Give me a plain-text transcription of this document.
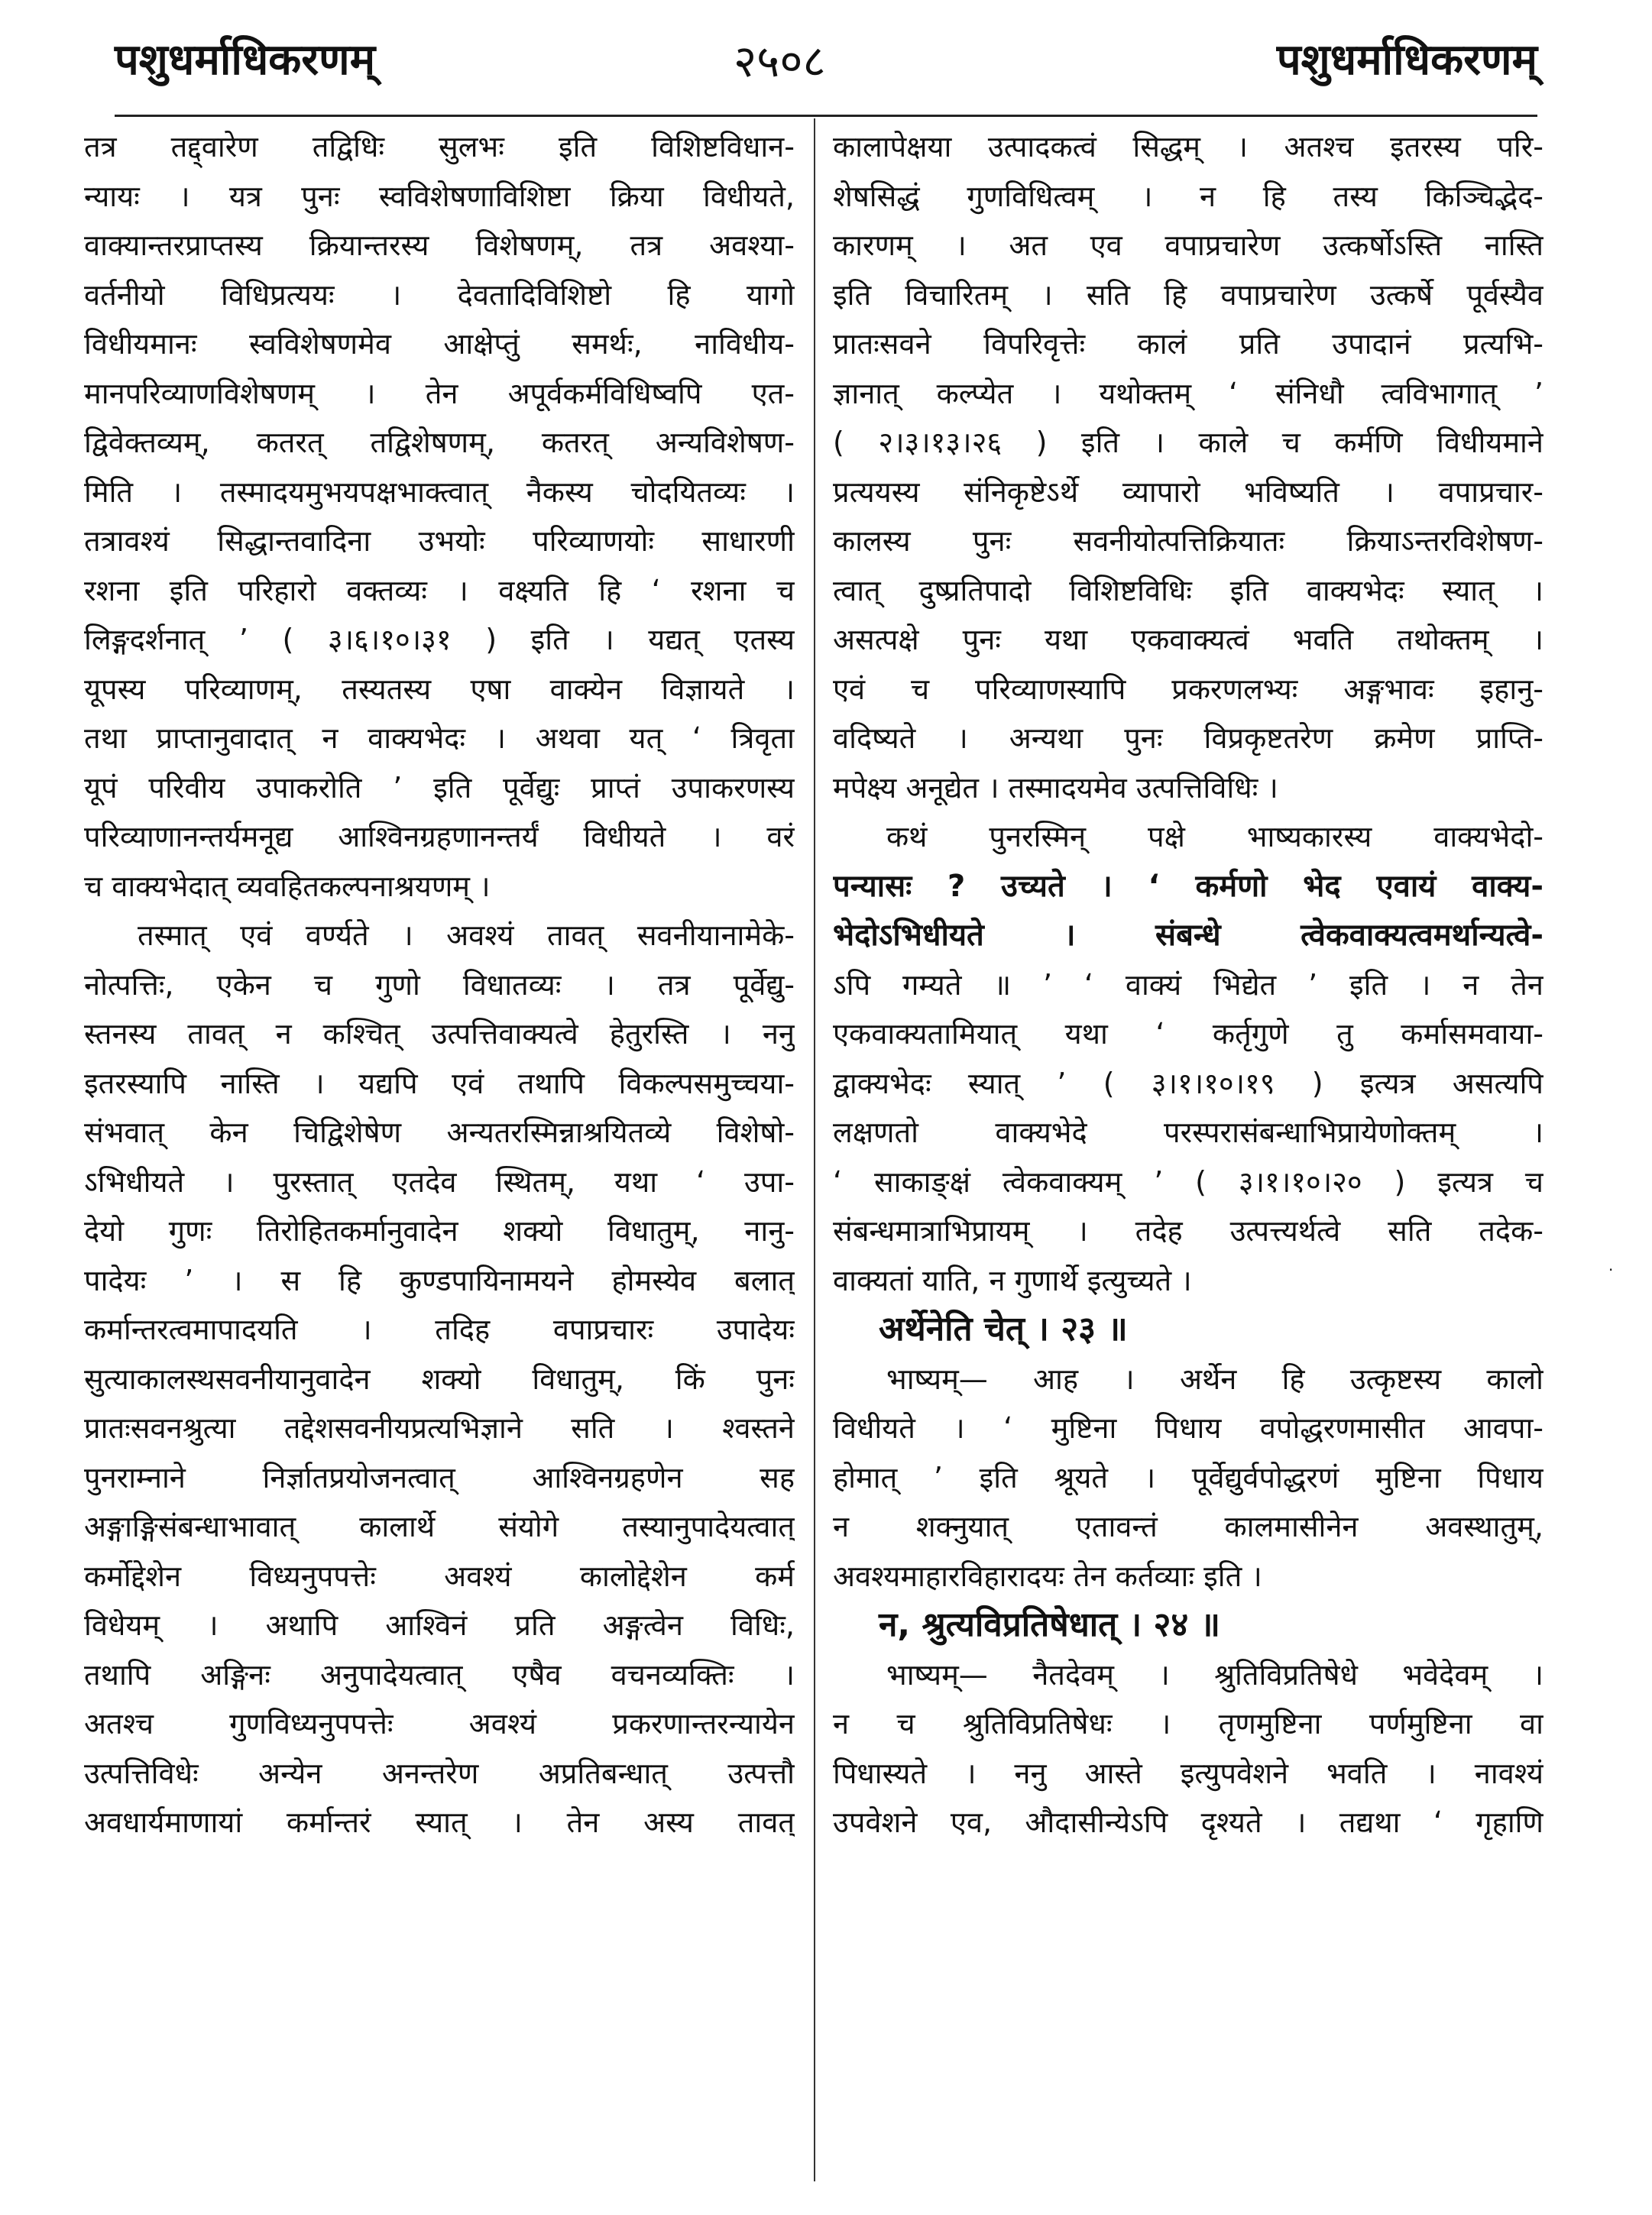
पशुधर्माधिकरणम्	२५०८	पशुधर्माधिकरणम्
तत्र तद्द्वारेण तद्विधिः सुलभः इति विशिष्टविधान-
न्यायः । यत्र पुनः स्वविशेषणाविशिष्टा क्रिया विधीयते,
वाक्यान्तरप्राप्तस्य क्रियान्तरस्य विशेषणम्, तत्र अवश्या-
वर्तनीयो विधिप्रत्ययः । देवतादिविशिष्टो हि यागो
विधीयमानः स्वविशेषणमेव आक्षेप्तुं समर्थः, नाविधीय-
मानपरिव्याणविशेषणम् । तेन अपूर्वकर्मविधिष्वपि एत-
द्विवेक्तव्यम्, कतरत् तद्विशेषणम्, कतरत् अन्यविशेषण-
मिति । तस्मादयमुभयपक्षभाक्त्वात् नैकस्य चोदयितव्यः ।
तत्रावश्यं सिद्धान्तवादिना उभयोः परिव्याणयोः साधारणी
रशना इति परिहारो वक्तव्यः । वक्ष्यति हि ‘ रशना च
लिङ्गदर्शनात् ’ ( ३।६।१०।३१ ) इति । यद्यत् एतस्य
यूपस्य परिव्याणम्, तस्यतस्य एषा वाक्येन विज्ञायते ।
तथा प्राप्तानुवादात् न वाक्यभेदः । अथवा यत् ‘ त्रिवृता
यूपं परिवीय उपाकरोति ’ इति पूर्वेद्युः प्राप्तं उपाकरणस्य
परिव्याणानन्तर्यमनूद्य आश्विनग्रहणानन्तर्यं विधीयते । वरं
च वाक्यभेदात् व्यवहितकल्पनाश्रयणम् ।
तस्मात् एवं वर्ण्यते । अवश्यं तावत् सवनीयानामेके-
नोत्पत्तिः, एकेन च गुणो विधातव्यः । तत्र पूर्वेद्यु-
स्तनस्य तावत् न कश्चित् उत्पत्तिवाक्यत्वे हेतुरस्ति । ननु
इतरस्यापि नास्ति । यद्यपि एवं तथापि विकल्पसमुच्चया-
संभवात् केन चिद्विशेषेण अन्यतरस्मिन्नाश्रयितव्ये विशेषो-
ऽभिधीयते । पुरस्तात् एतदेव स्थितम्, यथा ‘ उपा-
देयो गुणः तिरोहितकर्मानुवादेन शक्यो विधातुम्, नानु-
पादेयः ’ । स हि कुण्डपायिनामयने होमस्येव बलात्
कर्मान्तरत्वमापादयति । तदिह वपाप्रचारः उपादेयः
सुत्याकालस्थसवनीयानुवादेन शक्यो विधातुम्, किं पुनः
प्रातःसवनश्रुत्या तद्देशसवनीयप्रत्यभिज्ञाने सति । श्वस्तने
पुनराम्नाने निर्ज्ञातप्रयोजनत्वात् आश्विनग्रहणेन सह
अङ्गाङ्गिसंबन्धाभावात् कालार्थे संयोगे तस्यानुपादेयत्वात्
कर्मोद्देशेन विध्यनुपपत्तेः अवश्यं कालोद्देशेन कर्म
विधेयम् । अथापि आश्विनं प्रति अङ्गत्वेन विधिः,
तथापि अङ्गिनः अनुपादेयत्वात् एषैव वचनव्यक्तिः ।
अतश्च गुणविध्यनुपपत्तेः अवश्यं प्रकरणान्तरन्यायेन
उत्पत्तिविधेः अन्येन अनन्तरेण अप्रतिबन्धात् उत्पत्तौ
अवधार्यमाणायां कर्मान्तरं स्यात् । तेन अस्य तावत्
कालापेक्षया उत्पादकत्वं सिद्धम् । अतश्च इतरस्य परि-
शेषसिद्धं गुणविधित्वम् । न हि तस्य किञ्चिद्भेद-
कारणम् । अत एव वपाप्रचारेण उत्कर्षोऽस्ति नास्ति
इति विचारितम् । सति हि वपाप्रचारेण उत्कर्षे पूर्वस्यैव
प्रातःसवने विपरिवृत्तेः कालं प्रति उपादानं प्रत्यभि-
ज्ञानात् कल्प्येत । यथोक्तम् ‘ संनिधौ त्वविभागात् ’
( २।३।१३।२६ ) इति । काले च कर्मणि विधीयमाने
प्रत्ययस्य संनिकृष्टेऽर्थे व्यापारो भविष्यति । वपाप्रचार-
कालस्य पुनः सवनीयोत्पत्तिक्रियातः क्रियाऽन्तरविशेषण-
त्वात् दुष्प्रतिपादो विशिष्टविधिः इति वाक्यभेदः स्यात् ।
असत्पक्षे पुनः यथा एकवाक्यत्वं भवति तथोक्तम् ।
एवं च परिव्याणस्यापि प्रकरणलभ्यः अङ्गभावः इहानु-
वदिष्यते । अन्यथा पुनः विप्रकृष्टतरेण क्रमेण प्राप्ति-
मपेक्ष्य अनूद्येत । तस्मादयमेव उत्पत्तिविधिः ।
कथं पुनरस्मिन् पक्षे भाष्यकारस्य वाक्यभेदो-
पन्यासः ? उच्यते । ‘ कर्मणो भेद एवायं वाक्य-
भेदोऽभिधीयते । संबन्धे त्वेकवाक्यत्वमर्थान्यत्वे-
ऽपि गम्यते ॥ ’ ‘ वाक्यं भिद्येत ’ इति । न तेन
एकवाक्यतामियात् यथा ‘ कर्तृगुणे तु कर्मासमवाया-
द्वाक्यभेदः स्यात् ’ ( ३।१।१०।१९ ) इत्यत्र असत्यपि
लक्षणतो वाक्यभेदे परस्परासंबन्धाभिप्रायेणोक्तम् ।
‘ साकाङ्क्षं त्वेकवाक्यम् ’ ( ३।१।१०।२० ) इत्यत्र च
संबन्धमात्राभिप्रायम् । तदेह उत्पत्त्यर्थत्वे सति तदेक-
वाक्यतां याति, न गुणार्थे इत्युच्यते ।
अर्थेनेति चेत् । २३ ॥
भाष्यम्— आह । अर्थेन हि उत्कृष्टस्य कालो
विधीयते । ‘ मुष्टिना पिधाय वपोद्धरणमासीत आवपा-
होमात् ’ इति श्रूयते । पूर्वेद्युर्वपोद्धरणं मुष्टिना पिधाय
न शक्नुयात् एतावन्तं कालमासीनेन अवस्थातुम्,
अवश्यमाहारविहारादयः तेन कर्तव्याः इति ।
न, श्रुत्यविप्रतिषेधात् । २४ ॥
भाष्यम्— नैतदेवम् । श्रुतिविप्रतिषेधे भवेदेवम् ।
न च श्रुतिविप्रतिषेधः । तृणमुष्टिना पर्णमुष्टिना वा
पिधास्यते । ननु आस्ते इत्युपवेशने भवति । नावश्यं
उपवेशने एव, औदासीन्येऽपि दृश्यते । तद्यथा ‘ गृहाणि
·
